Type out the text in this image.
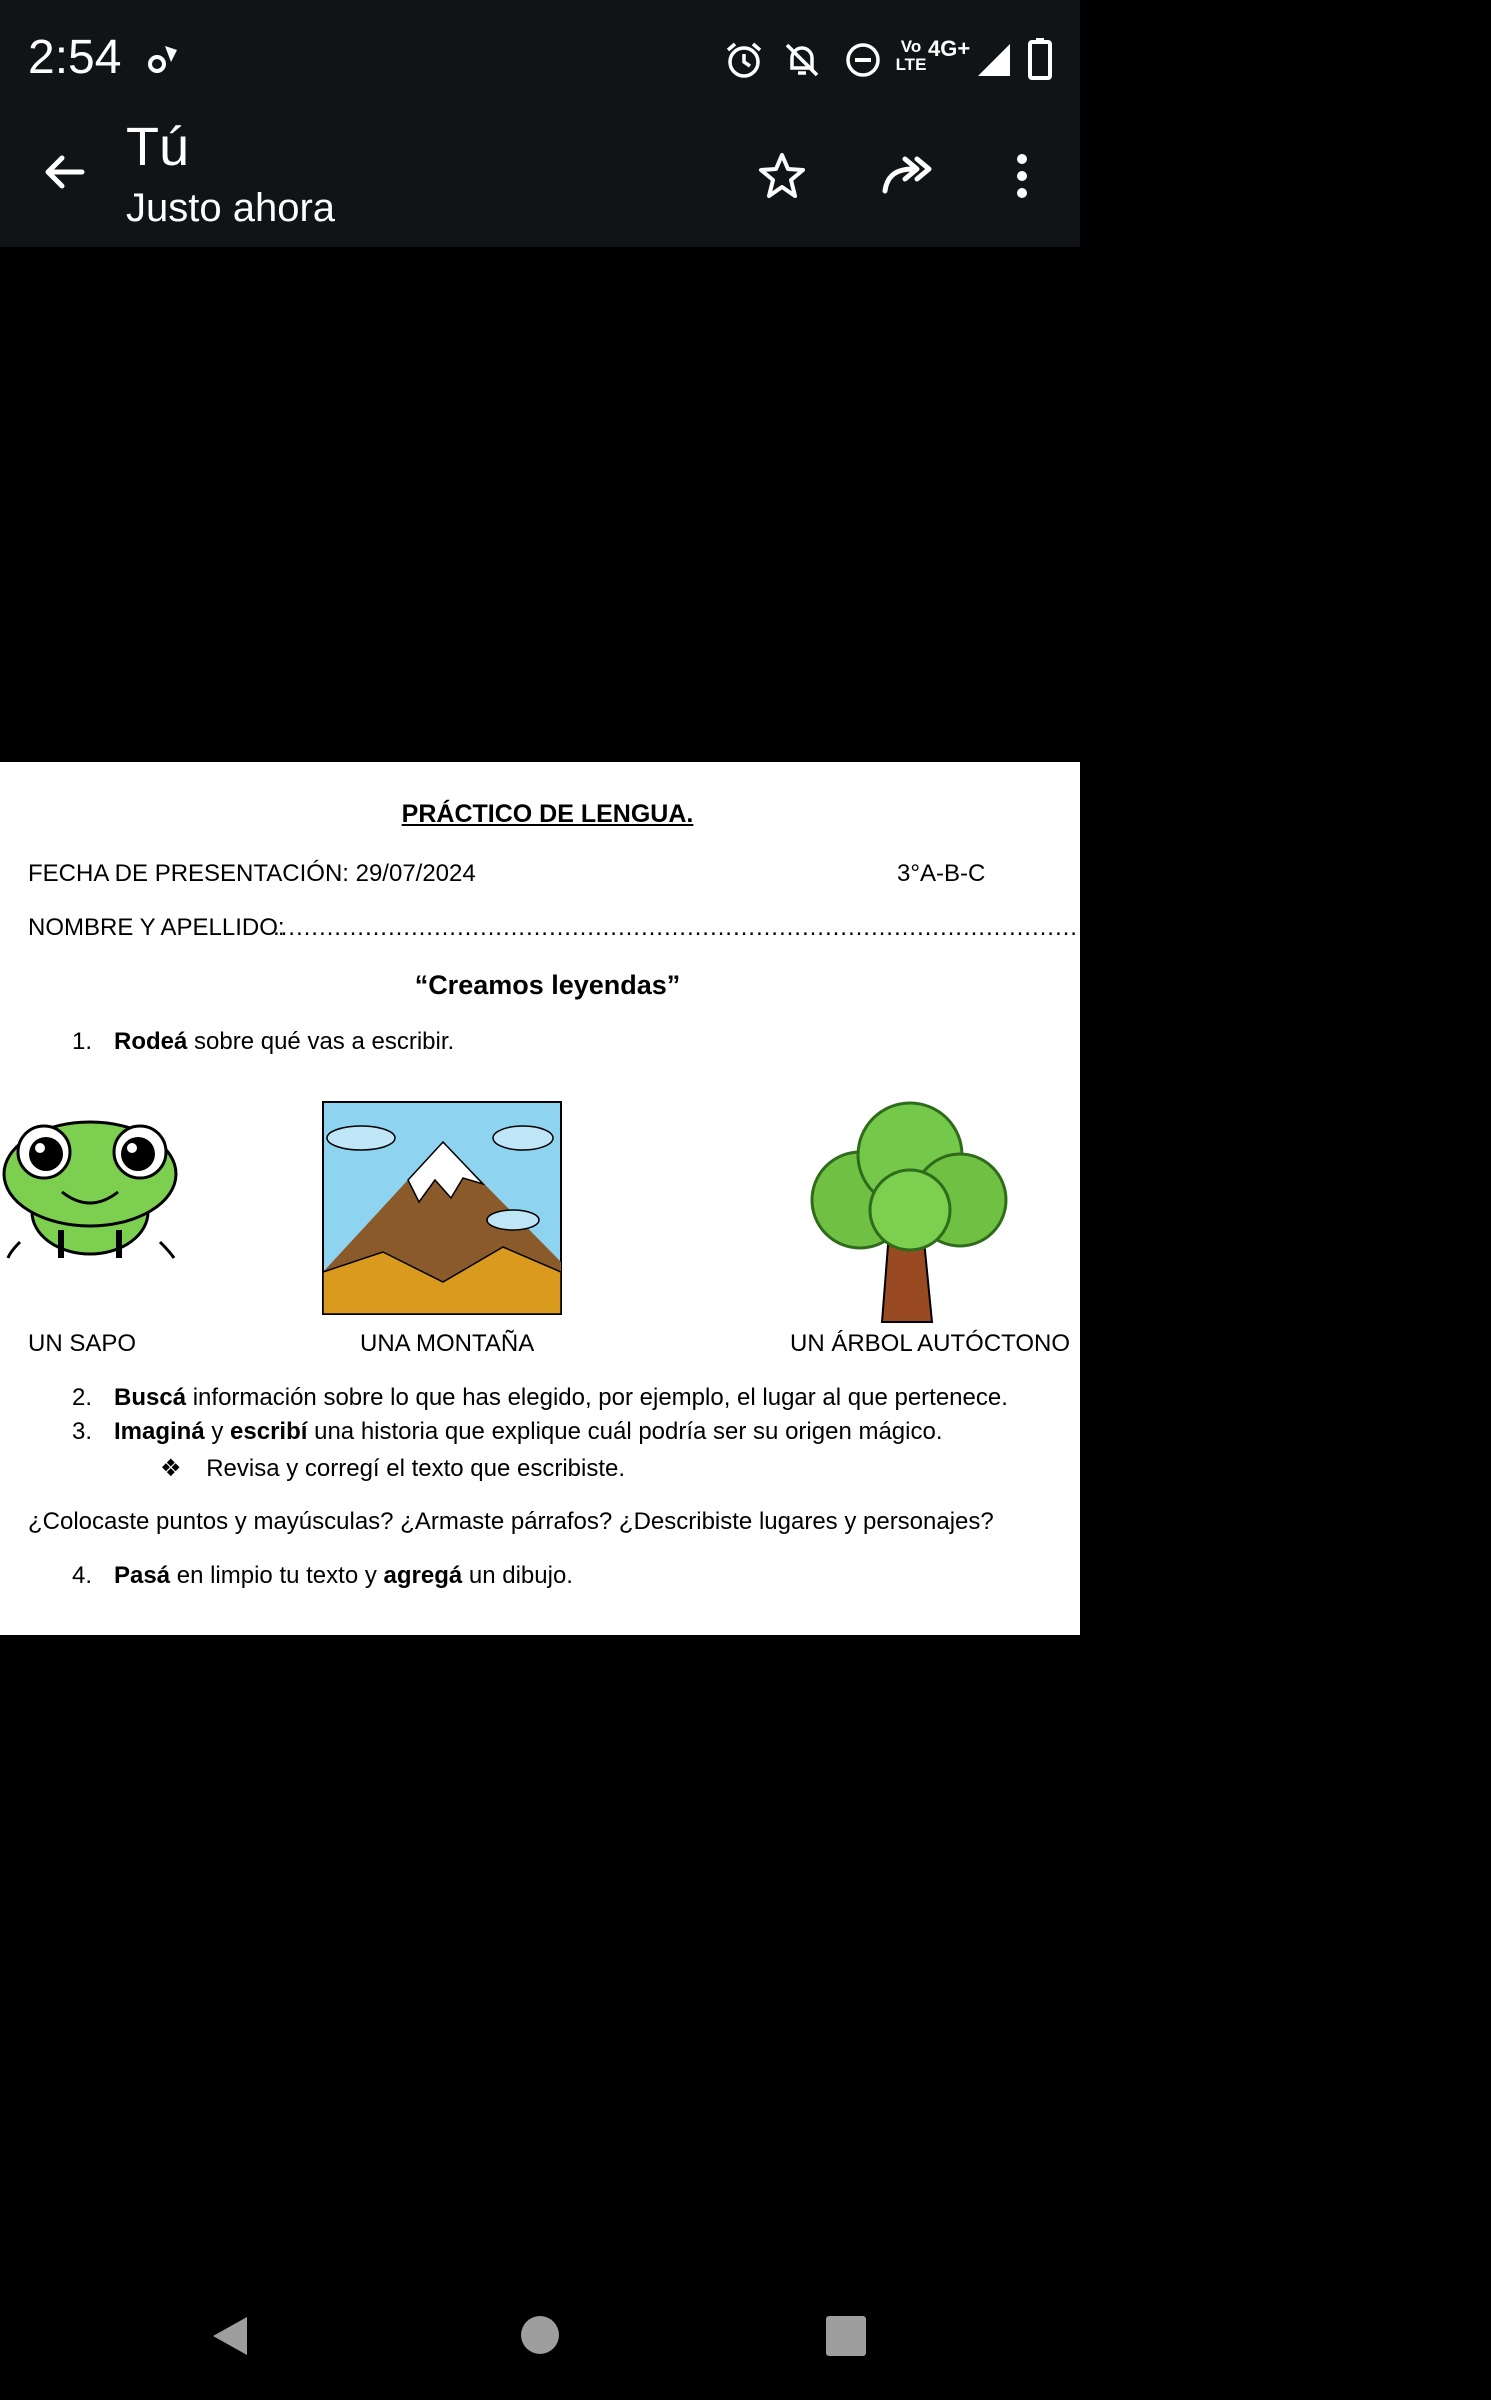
2:54	Vo LTE
4G+
Tú
Justo ahora
PRÁCTICO DE LENGUA.
FECHA DE PRESENTACIÓN: 29/07/2024	3°A-B-C
NOMBRE Y APELLIDO:
……………………………………………………………………………………………………………………………………………
“Creamos leyendas”
1. Rodeá sobre qué vas a escribir.
UN SAPO	UNA MONTAÑA	UN ÁRBOL AUTÓCTONO
2. Buscá información sobre lo que has elegido, por ejemplo, el lugar al que pertenece.
3. Imaginá y escribí una historia que explique cuál podría ser su origen mágico.
❖ Revisa y corregí el texto que escribiste.
¿Colocaste puntos y mayúsculas? ¿Armaste párrafos? ¿Describiste lugares y personajes?
4. Pasá en limpio tu texto y agregá un dibujo.
